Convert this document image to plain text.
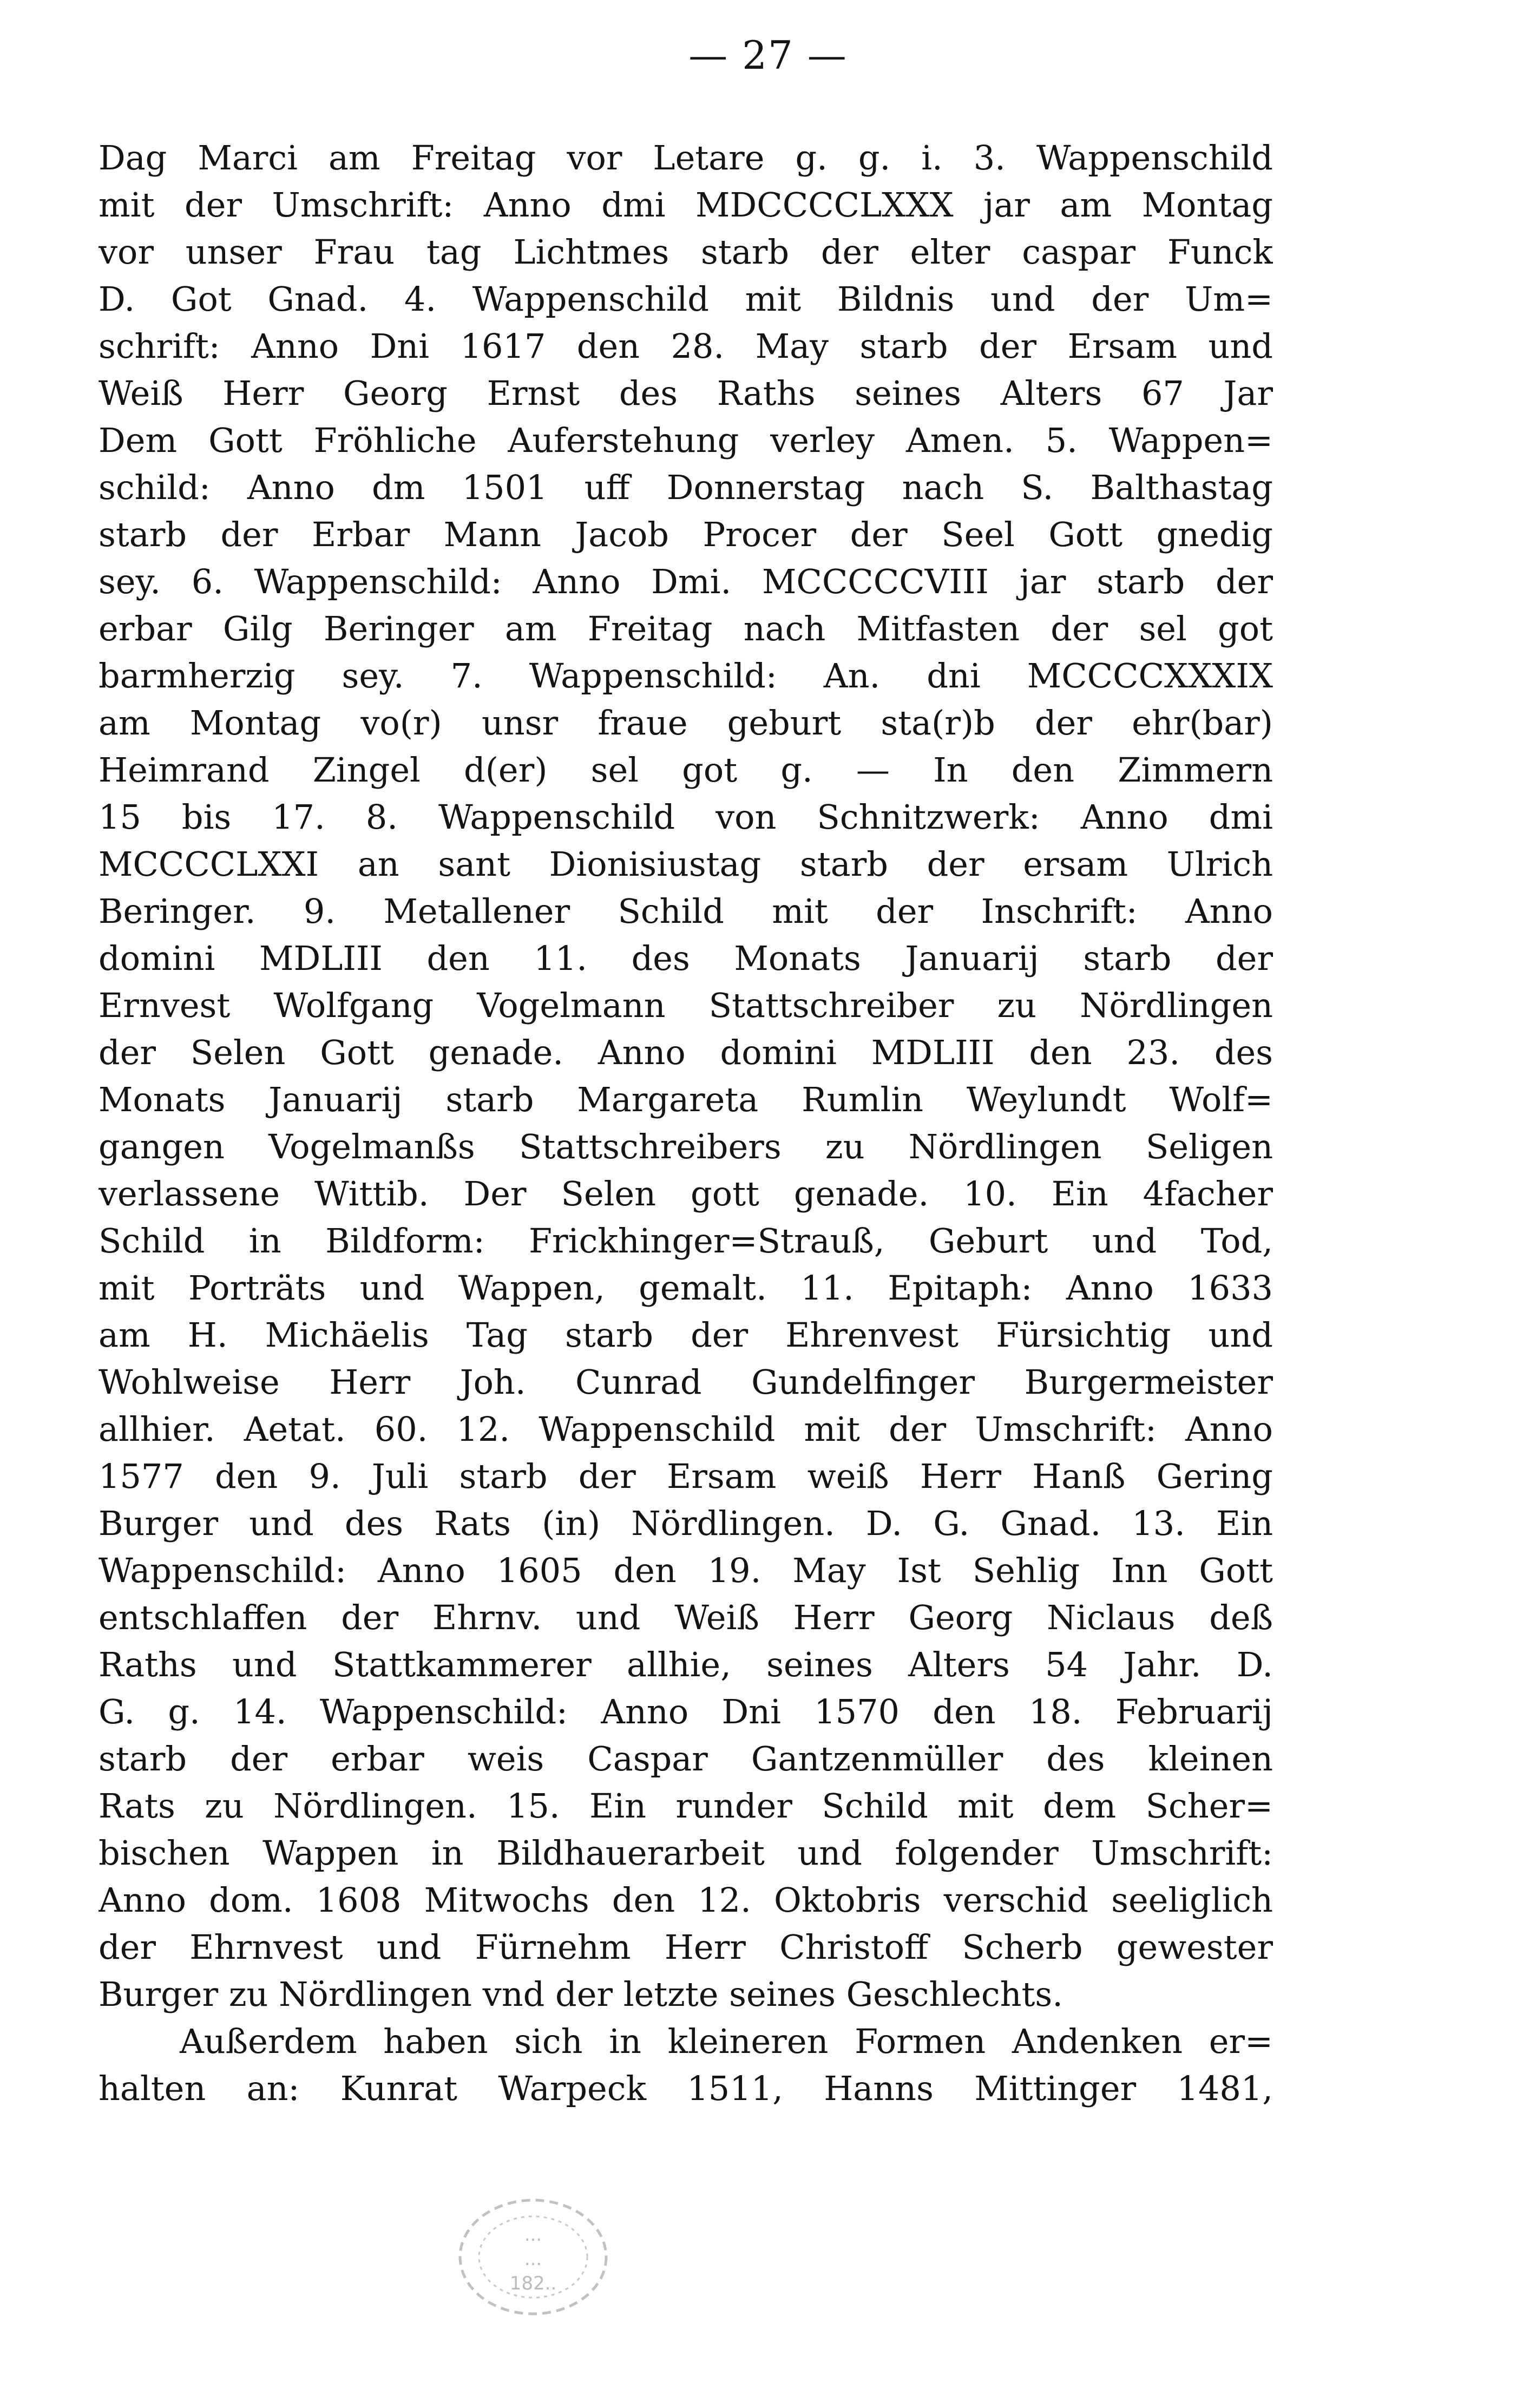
— 27 —
Dag Marci am Freitag vor Letare g. g. i. 3. Wappenschild
mit der Umschrift: Anno dmi MDCCCCLXXX jar am Montag
vor unser Frau tag Lichtmes starb der elter caspar Funck
D. Got Gnad. 4. Wappenschild mit Bildnis und der Um=
schrift: Anno Dni 1617 den 28. May starb der Ersam und
Weiß Herr Georg Ernst des Raths seines Alters 67 Jar
Dem Gott Fröhliche Auferstehung verley Amen. 5. Wappen=
schild: Anno dm 1501 uff Donnerstag nach S. Balthastag
starb der Erbar Mann Jacob Procer der Seel Gott gnedig
sey. 6. Wappenschild: Anno Dmi. MCCCCCVIII jar starb der
erbar Gilg Beringer am Freitag nach Mitfasten der sel got
barmherzig sey. 7. Wappenschild: An. dni MCCCCXXXIX
am Montag vo(r) unsr fraue geburt sta(r)b der ehr(bar)
Heimrand Zingel d(er) sel got g. — In den Zimmern
15 bis 17. 8. Wappenschild von Schnitzwerk: Anno dmi
MCCCCLXXI an sant Dionisiustag starb der ersam Ulrich
Beringer. 9. Metallener Schild mit der Inschrift: Anno
domini MDLIII den 11. des Monats Januarij starb der
Ernvest Wolfgang Vogelmann Stattschreiber zu Nördlingen
der Selen Gott genade. Anno domini MDLIII den 23. des
Monats Januarij starb Margareta Rumlin Weylundt Wolf=
gangen Vogelmanßs Stattschreibers zu Nördlingen Seligen
verlassene Wittib. Der Selen gott genade. 10. Ein 4facher
Schild in Bildform: Frickhinger=Strauß, Geburt und Tod,
mit Porträts und Wappen, gemalt. 11. Epitaph: Anno 1633
am H. Michäelis Tag starb der Ehrenvest Fürsichtig und
Wohlweise Herr Joh. Cunrad Gundelfinger Burgermeister
allhier. Aetat. 60. 12. Wappenschild mit der Umschrift: Anno
1577 den 9. Juli starb der Ersam weiß Herr Hanß Gering
Burger und des Rats (in) Nördlingen. D. G. Gnad. 13. Ein
Wappenschild: Anno 1605 den 19. May Ist Sehlig Inn Gott
entschlaffen der Ehrnv. und Weiß Herr Georg Niclaus deß
Raths und Stattkammerer allhie, seines Alters 54 Jahr. D.
G. g. 14. Wappenschild: Anno Dni 1570 den 18. Februarij
starb der erbar weis Caspar Gantzenmüller des kleinen
Rats zu Nördlingen. 15. Ein runder Schild mit dem Scher=
bischen Wappen in Bildhauerarbeit und folgender Umschrift:
Anno dom. 1608 Mitwochs den 12. Oktobris verschid seeliglich
der Ehrnvest und Fürnehm Herr Christoff Scherb gewester
Burger zu Nördlingen vnd der letzte seines Geschlechts.
Außerdem haben sich in kleineren Formen Andenken er=
halten an: Kunrat Warpeck 1511, Hanns Mittinger 1481,
...
...
182..
